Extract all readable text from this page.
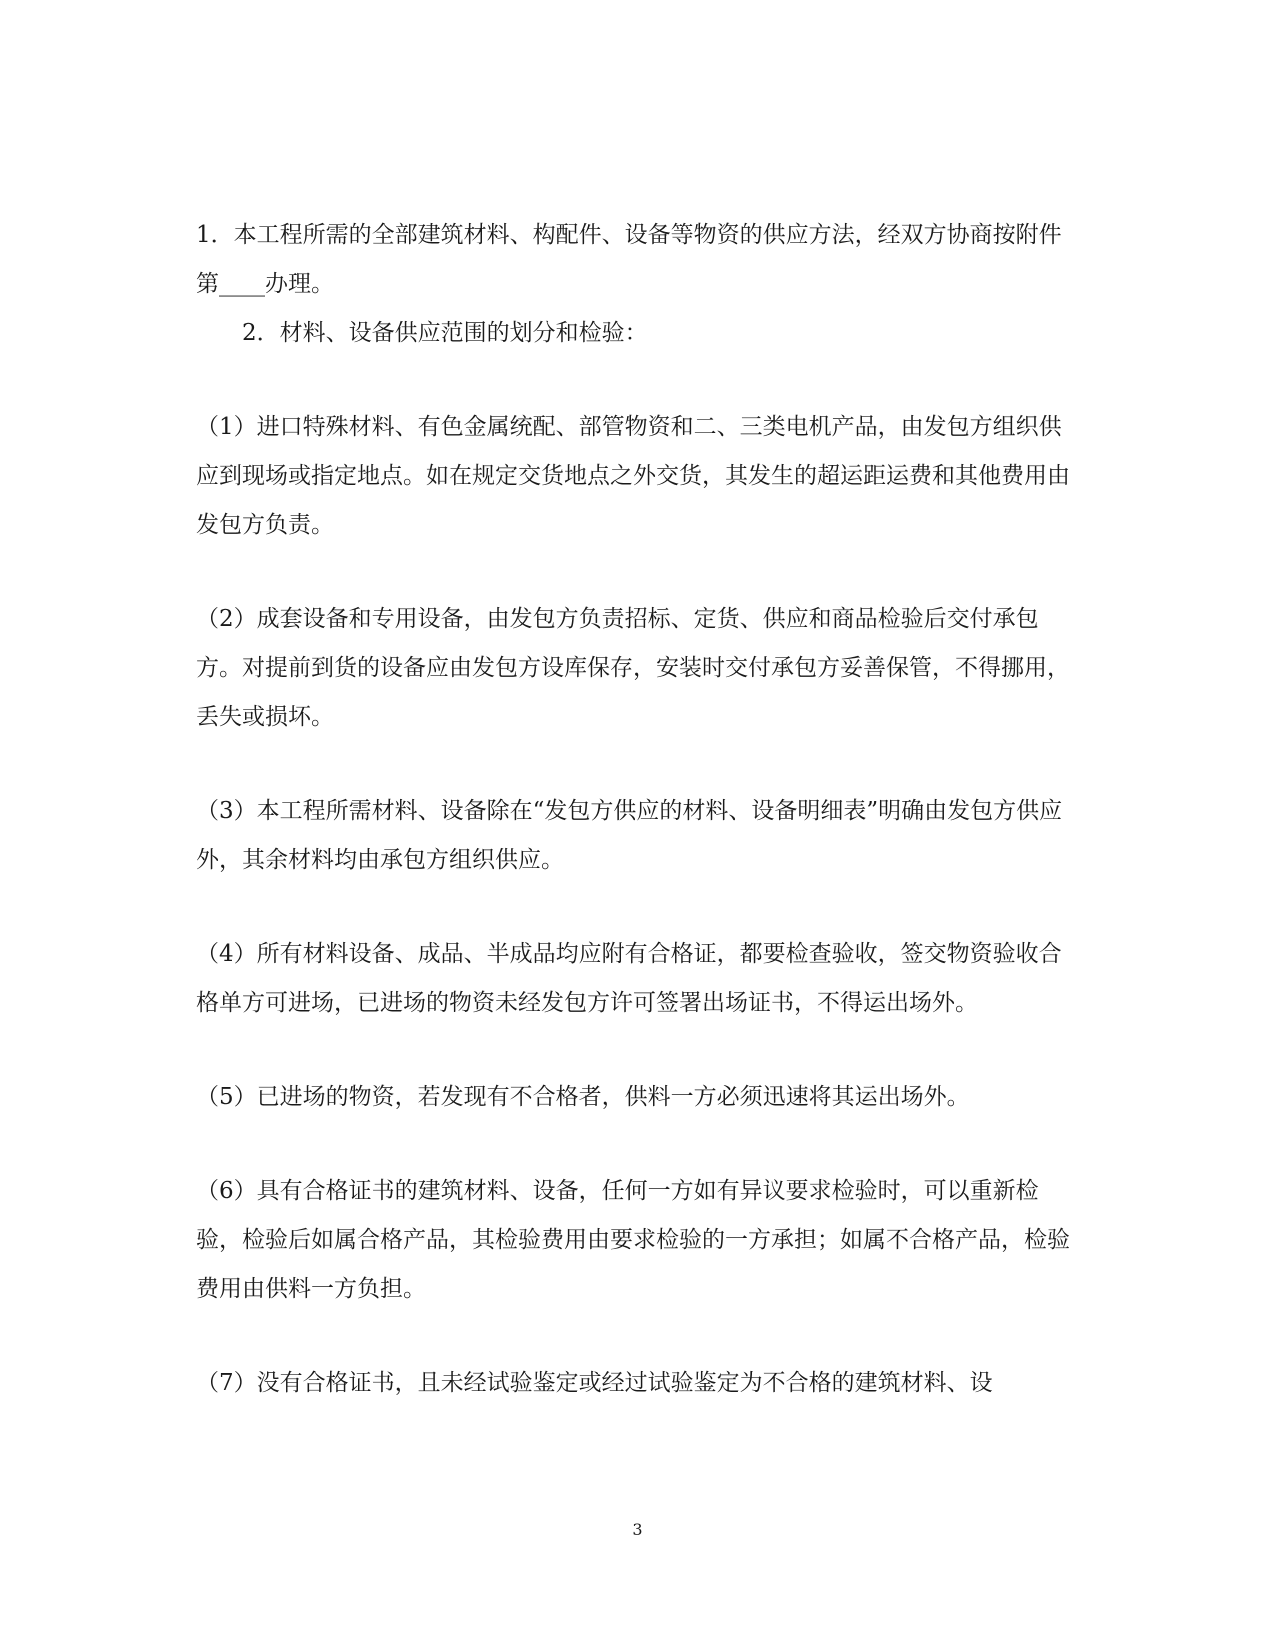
1．本工程所需的全部建筑材料、构配件、设备等物资的供应方法，经双方协商按附件第____办理。

2．材料、设备供应范围的划分和检验：

（1）进口特殊材料、有色金属统配、部管物资和二、三类电机产品，由发包方组织供应到现场或指定地点。如在规定交货地点之外交货，其发生的超运距运费和其他费用由发包方负责。

（2）成套设备和专用设备，由发包方负责招标、定货、供应和商品检验后交付承包方。对提前到货的设备应由发包方设库保存，安装时交付承包方妥善保管，不得挪用，丢失或损坏。

（3）本工程所需材料、设备除在“发包方供应的材料、设备明细表”明确由发包方供应外，其余材料均由承包方组织供应。

（4）所有材料设备、成品、半成品均应附有合格证，都要检查验收，签交物资验收合格单方可进场，已进场的物资未经发包方许可签署出场证书，不得运出场外。

（5）已进场的物资，若发现有不合格者，供料一方必须迅速将其运出场外。

（6）具有合格证书的建筑材料、设备，任何一方如有异议要求检验时，可以重新检验，检验后如属合格产品，其检验费用由要求检验的一方承担；如属不合格产品，检验费用由供料一方负担。

（7）没有合格证书，且未经试验鉴定或经过试验鉴定为不合格的建筑材料、设

3
